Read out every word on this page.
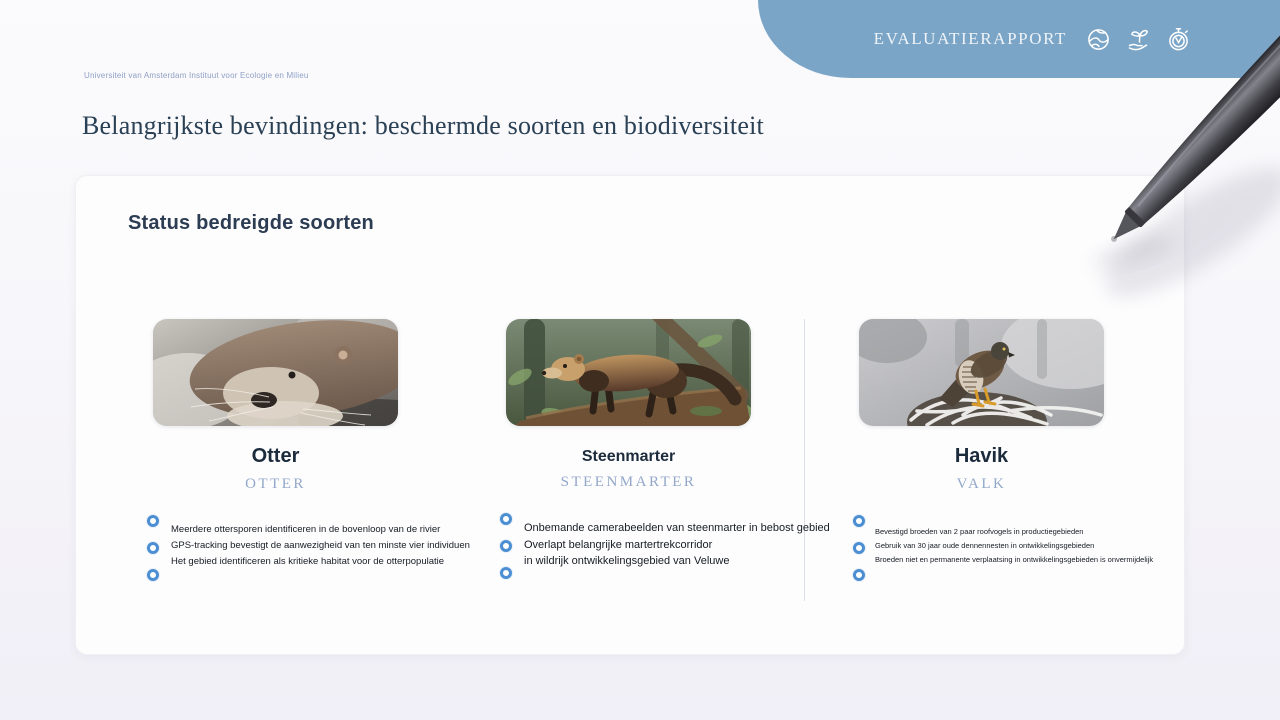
EVALUATIERAPPORT
Universiteit van Amsterdam Instituut voor Ecologie en Milieu
Belangrijkste bevindingen: beschermde soorten en biodiversiteit
Status bedreigde soorten
Otter
OTTER
Meerdere ottersporen identificeren in de bovenloop van de rivier
GPS-tracking bevestigt de aanwezigheid van ten minste vier individuen
Het gebied identificeren als kritieke habitat voor de otterpopulatie
Steenmarter
STEENMARTER
Onbemande camerabeelden van steenmarter in bebost gebied
Overlapt belangrijke martertrekcorridor
in wildrijk ontwikkelingsgebied van Veluwe
Havik
VALK
Bevestigd broeden van 2 paar roofvogels in productiegebieden
Gebruik van 30 jaar oude dennennesten in ontwikkelingsgebieden
Broeden niet en permanente verplaatsing in ontwikkelingsgebieden is onvermijdelijk
